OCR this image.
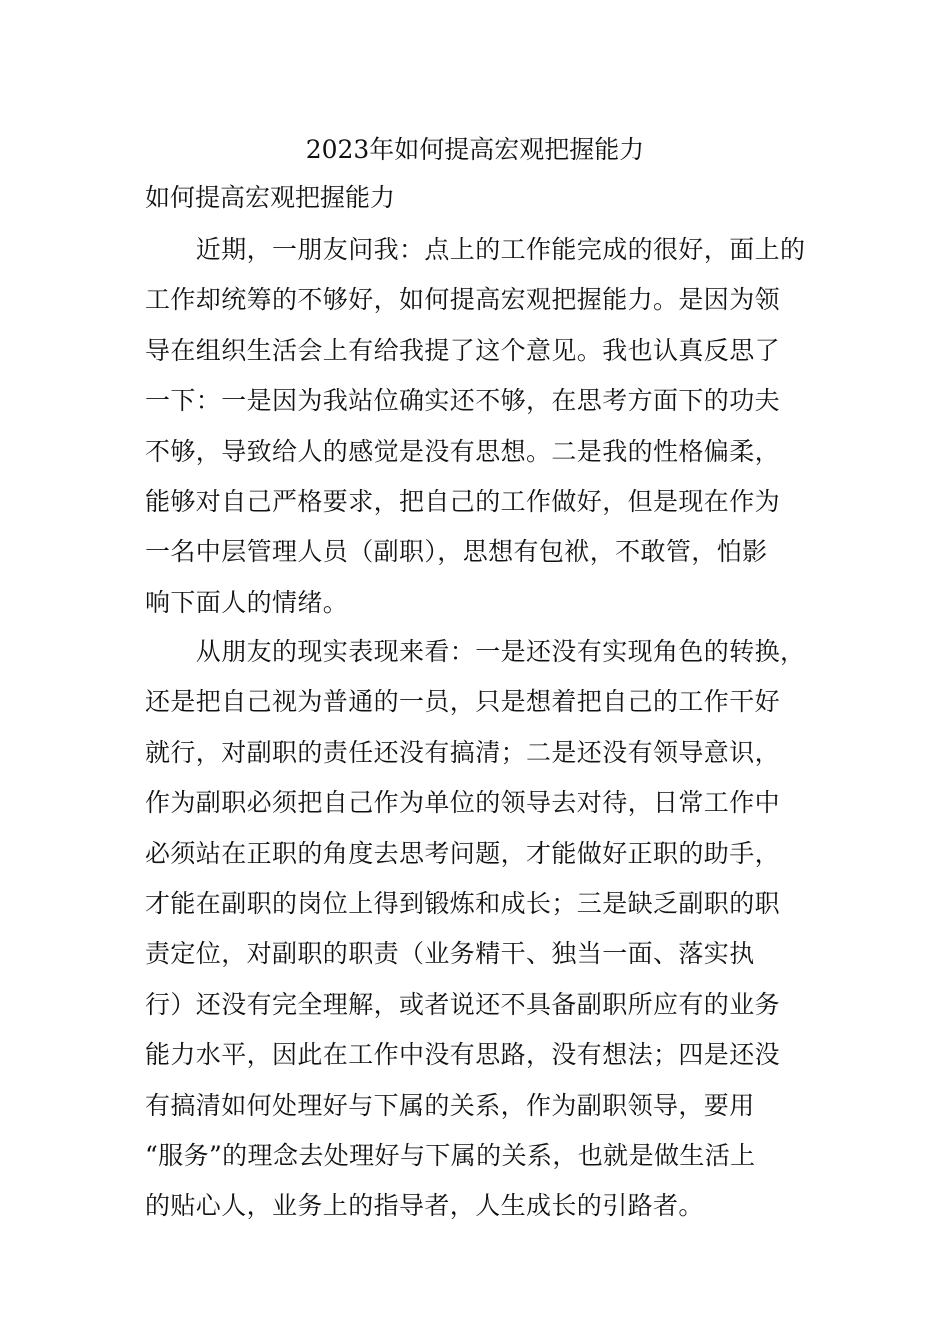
2023年如何提高宏观把握能力
如何提高宏观把握能力
　　近期，一朋友问我：点上的工作能完成的很好，面上的
工作却统筹的不够好，如何提高宏观把握能力。是因为领
导在组织生活会上有给我提了这个意见。我也认真反思了
一下：一是因为我站位确实还不够，在思考方面下的功夫
不够，导致给人的感觉是没有思想。二是我的性格偏柔，
能够对自己严格要求，把自己的工作做好，但是现在作为
一名中层管理人员（副职），思想有包袱，不敢管，怕影
响下面人的情绪。
　　从朋友的现实表现来看：一是还没有实现角色的转换，
还是把自己视为普通的一员，只是想着把自己的工作干好
就行，对副职的责任还没有搞清；二是还没有领导意识，
作为副职必须把自己作为单位的领导去对待，日常工作中
必须站在正职的角度去思考问题，才能做好正职的助手，
才能在副职的岗位上得到锻炼和成长；三是缺乏副职的职
责定位，对副职的职责（业务精干、独当一面、落实执
行）还没有完全理解，或者说还不具备副职所应有的业务
能力水平，因此在工作中没有思路，没有想法；四是还没
有搞清如何处理好与下属的关系，作为副职领导，要用
“服务”的理念去处理好与下属的关系，也就是做生活上
的贴心人，业务上的指导者，人生成长的引路者。
